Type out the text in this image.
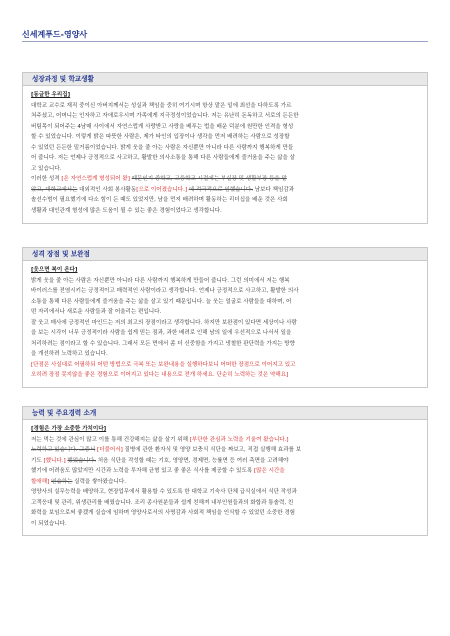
신세계푸드-영양사
성장과정 및 학교생활
[동글한 우리집]
대학교 교수로 재직 중이신 아버지께서는 성실과 책임을 중히 여기시며 항상 맡은 일에 최선을 다하도록 가르
쳐주셨고, 어머니는 인자하고 자애로우시며 가족에게 지극정성이었습니다. 저는 유난히 돈독하고 서로의 든든한
버팀목이 되어주는 4남매 사이에서 자연스럽게 사랑받고 사랑을 베푸는 법을 배운 덕분에 원만한 인격을 형성
할 수 있었습니다. 이렇게 밝은 따뜻한 사람은, 제가 타인의 입장이나 생각을 먼저 배려하는 사람으로 성장할
수 있었던 든든한 밑거름이었습니다. 밝게 웃을 줄 아는 사람은 자신뿐만 아니라 다른 사람까지 행복하게 만들
어 줍니다. 저는 언제나 긍정적으로 사고하고, 활발한 의사소통을 통해 다른 사람들에게 즐거움을 주는 삶을 살
고 있습니다.
이러한 성격 [은 자연스럽게 형성되어 왔] 때문인지 중학교, 고등학교 시절에는 부실장 및 생활부장 등을 맡
았고, 대학교에서는 대외적인 사회 봉사활동[으로 이어졌습니다.] 에 적극적으로 임했습니다. 남보다 책임감과
솔선수범이 필요했기에 다소 힘이 든 때도 있었지만, 남을 먼저 배려하며 활동하는 리더십을 배운 것은 사회
생활과 대인관계 형성에 많은 도움이 될 수 있는 좋은 경험이었다고 생각합니다.
성격 장점 및 보완점
[웃으면 복이 온다]
밝게 웃을 줄 아는 사람은 자신뿐만 아니라 다른 사람까지 행복하게 만들어 줍니다. 그런 의미에서 저는 행복
바이러스를 전염시키는 긍정적이고 매력적인 사람이라고 생각합니다. 언제나 긍정적으로 사고하고, 활발한 의사
소통을 통해 다른 사람들에게 즐거움을 주는 삶을 살고 있기 때문입니다. 늘 웃는 얼굴로 사람들을 대하며, 어
떤 자리에서나 새로운 사람들과 잘 어울리는 편입니다.
잘 웃고 매사에 긍정적인 마인드는 저의 최고의 장점이라고 생각합니다. 하지만 보완점이 있다면 세상이나 사람
을 보는 시각이 너무 긍정적이라 사람을 쉽게 믿는 점과, 과한 배려로 인해 남의 일에 우선적으로 나서서 일을
처리하려는 점이라고 할 수 있습니다. 그래서 모든 면에서 좀 더 신중함을 가지고 냉철한 판단력을 가지는 방향
을 개선하려 노력하고 있습니다.
[단점은 사실대로 어필하되 어떤 방법으로 극복 또는 보완내용을 실행하다보니 어떠한 장점으로 이어지고 있고
오히려 장점 못지않을 좋은 경험으로 이어지고 있다는 내용으로 전개 하세요. 단순히 노력하는 것은 약해요]
능력 및 주요경력 소개
[경험은 가장 소중한 가치이다]
저는 먹는 것에 관심이 많고 이를 통해 건강해지는 삶을 살기 위해 [부단한 관심과 노력을 기울여 왔습니다.]
노력하고 있습니다. 그중서 [더불어서] 질병에 관한 환자식 및 영양 보충식 식단을 짜보고, 직접 실행해 효과를 보
기도 [했니다.] 했었습니다. 처음 식단을 작성할 때는 기호, 영양면, 경제면, 능률면 등 여러 측면을 고려해야
했기에 어려움도 많았지만 시간과 노력을 투자해 균형 있고 좋 좋은 식사를 제공할 수 있도록 [많은 시간을
할애해] 연습하는 실력을 쌓아왔습니다.
영양사의 실무능력을 배양하고, 현장업무에서 활용할 수 있도록 한 대학교 기숙사 단체 급식실에서 식단 작성과
고객응대 및 관리, 위생관리를 배웠습니다. 조리 종사원분들과 쉽게 친해져 내부인원들과의 화합과 통솔력, 친
화력을 보임으로써 좋겠게 실습에 임하며 영양사로서의 사명감과 사회적 책임을 인식할 수 있었던 소중한 경험
이 되었습니다.
